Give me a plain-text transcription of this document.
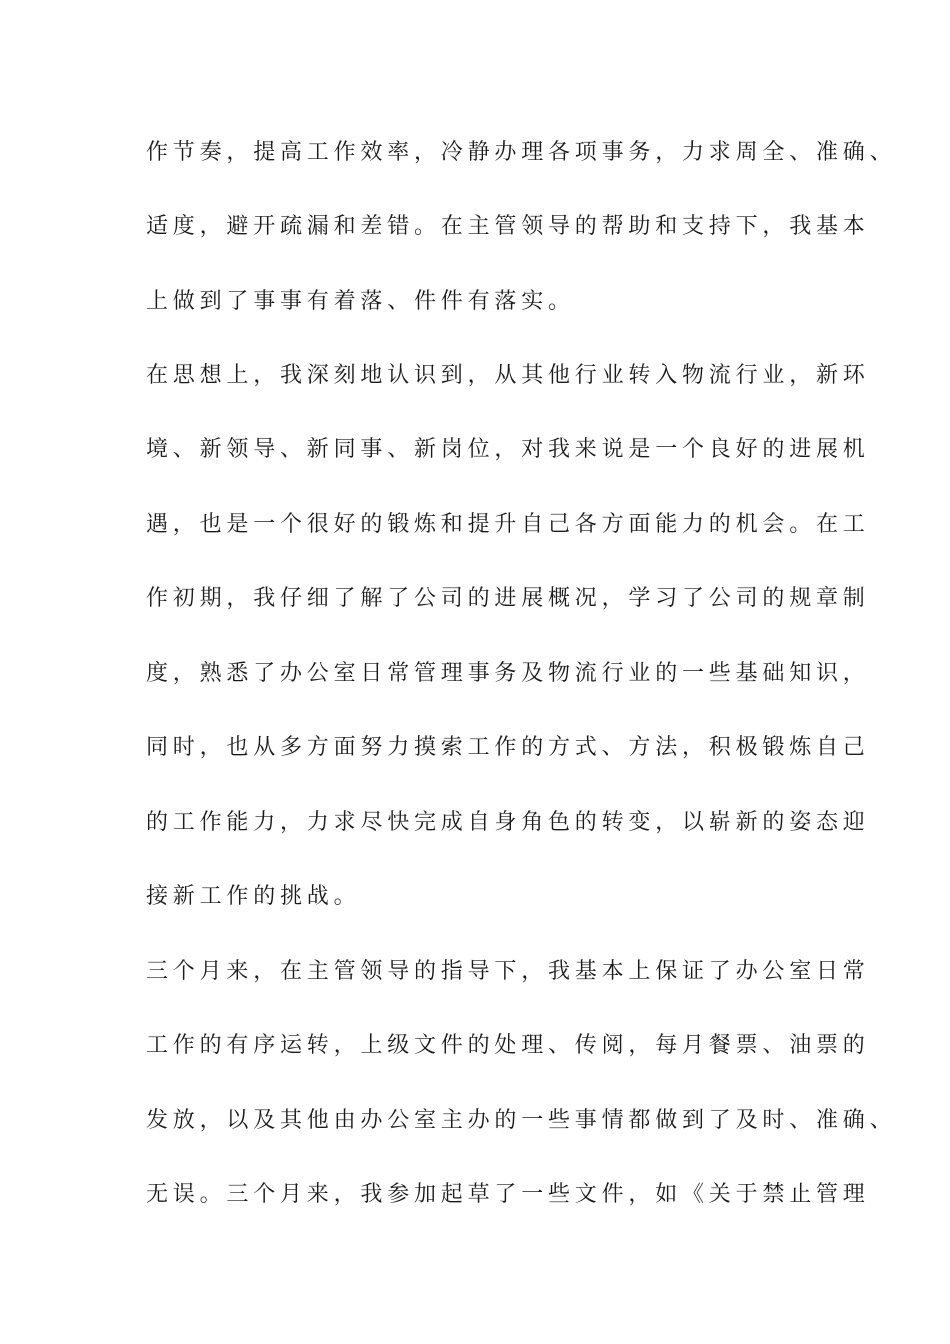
作节奏，提高工作效率，冷静办理各项事务，力求周全、准确、
适度，避开疏漏和差错。在主管领导的帮助和支持下，我基本
上做到了事事有着落、件件有落实。
在思想上，我深刻地认识到，从其他行业转入物流行业，新环
境、新领导、新同事、新岗位，对我来说是一个良好的进展机
遇，也是一个很好的锻炼和提升自己各方面能力的机会。在工
作初期，我仔细了解了公司的进展概况，学习了公司的规章制
度，熟悉了办公室日常管理事务及物流行业的一些基础知识，
同时，也从多方面努力摸索工作的方式、方法，积极锻炼自己
的工作能力，力求尽快完成自身角色的转变，以崭新的姿态迎
接新工作的挑战。
三个月来，在主管领导的指导下，我基本上保证了办公室日常
工作的有序运转，上级文件的处理、传阅，每月餐票、油票的
发放，以及其他由办公室主办的一些事情都做到了及时、准确、
无误。三个月来，我参加起草了一些文件，如《关于禁止管理
